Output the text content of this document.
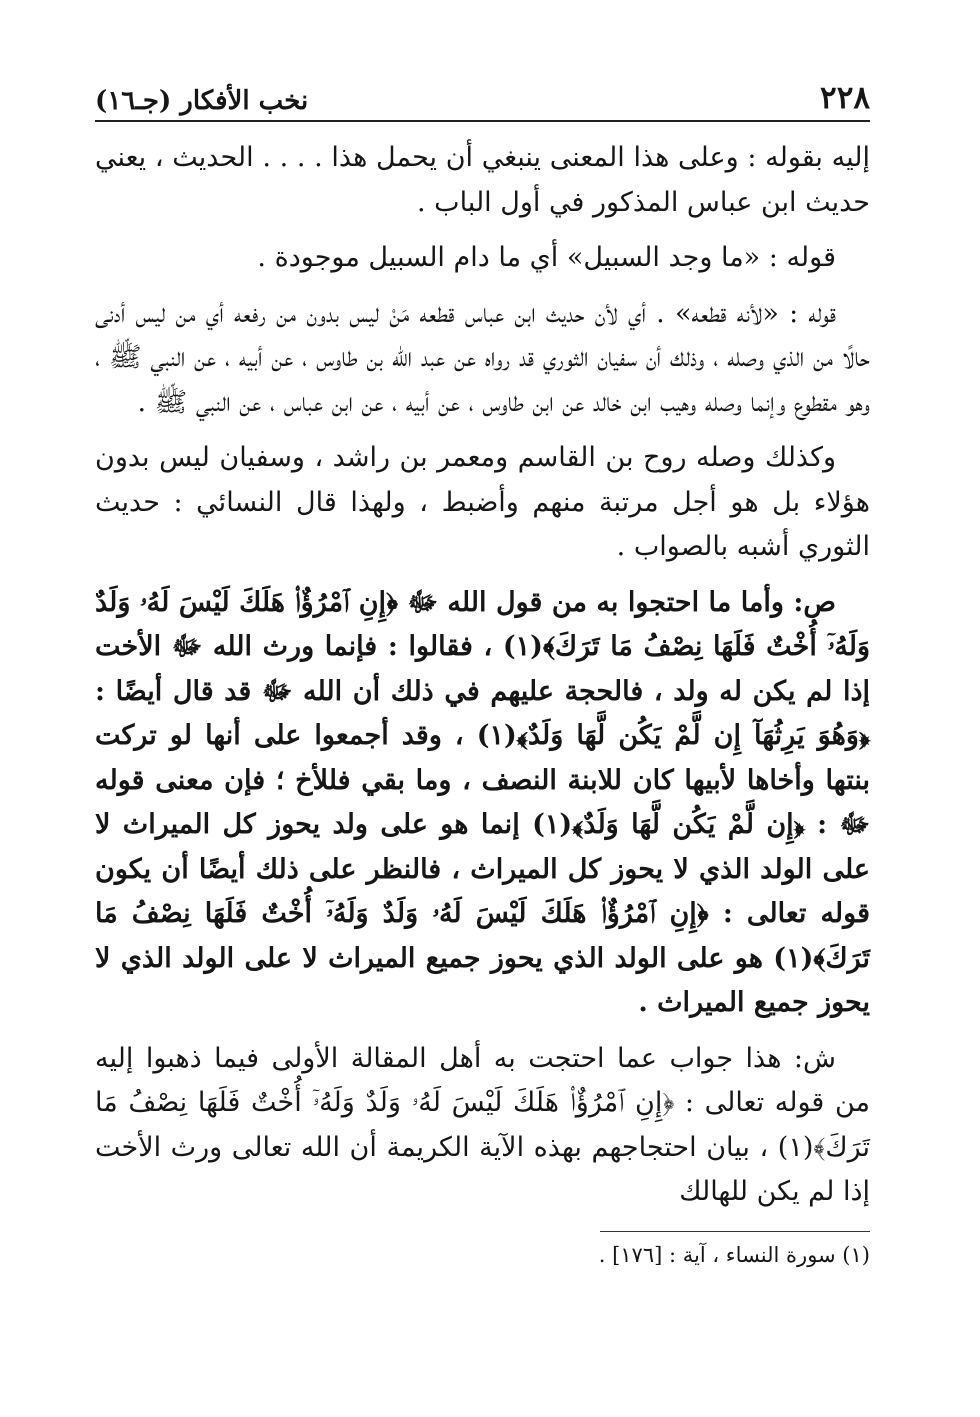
٢٢٨
نخب الأفكار (جـ١٦)

إليه بقوله : وعلى هذا المعنى ينبغي أن يحمل هذا . . . . الحديث ، يعني حديث ابن عباس المذكور في أول الباب .

قوله : «ما وجد السبيل» أي ما دام السبيل موجودة .

قوله : «لأنه قطعه» . أي لأن حديث ابن عباس قطعه مَنْ ليس بدون من رفعه أي من ليس أدنى حالًا من الذي وصله ، وذلك أن سفيان الثوري قد رواه عن عبد الله بن طاوس ، عن أبيه ، عن النبي ﷺ ، وهو مقطوع وإنما وصله وهيب ابن خالد عن ابن طاوس ، عن أبيه ، عن ابن عباس ، عن النبي ﷺ .

وكذلك وصله روح بن القاسم ومعمر بن راشد ، وسفيان ليس بدون هؤلاء بل هو أجل مرتبة منهم وأضبط ، ولهذا قال النسائي : حديث الثوري أشبه بالصواب .

ص: وأما ما احتجوا به من قول الله ﷻ ﴿إِنِ ٱمْرُؤٌا۟ هَلَكَ لَيْسَ لَهُۥ وَلَدٌ وَلَهُۥٓ أُخْتٌ فَلَهَا نِصْفُ مَا تَرَكَ﴾(١) ، فقالوا : فإنما ورث الله ﷻ الأخت إذا لم يكن له ولد ، فالحجة عليهم في ذلك أن الله ﷻ قد قال أيضًا : ﴿وَهُوَ يَرِثُهَآ إِن لَّمْ يَكُن لَّهَا وَلَدٌ﴾(١) ، وقد أجمعوا على أنها لو تركت بنتها وأخاها لأبيها كان للابنة النصف ، وما بقي فللأخ ؛ فإن معنى قوله ﷻ : ﴿إِن لَّمْ يَكُن لَّهَا وَلَدٌ﴾(١) إنما هو على ولد يحوز كل الميراث لا على الولد الذي لا يحوز كل الميراث ، فالنظر على ذلك أيضًا أن يكون قوله تعالى : ﴿إِنِ ٱمْرُؤٌا۟ هَلَكَ لَيْسَ لَهُۥ وَلَدٌ وَلَهُۥٓ أُخْتٌ فَلَهَا نِصْفُ مَا تَرَكَ﴾(١) هو على الولد الذي يحوز جميع الميراث لا على الولد الذي لا يحوز جميع الميراث .

ش: هذا جواب عما احتجت به أهل المقالة الأولى فيما ذهبوا إليه من قوله تعالى : ﴿إِنِ ٱمْرُؤٌا۟ هَلَكَ لَيْسَ لَهُۥ وَلَدٌ وَلَهُۥٓ أُخْتٌ فَلَهَا نِصْفُ مَا تَرَكَ﴾(١) ، بيان احتجاجهم بهذه الآية الكريمة أن الله تعالى ورث الأخت إذا لم يكن للهالك

(١) سورة النساء ، آية : [١٧٦] .
